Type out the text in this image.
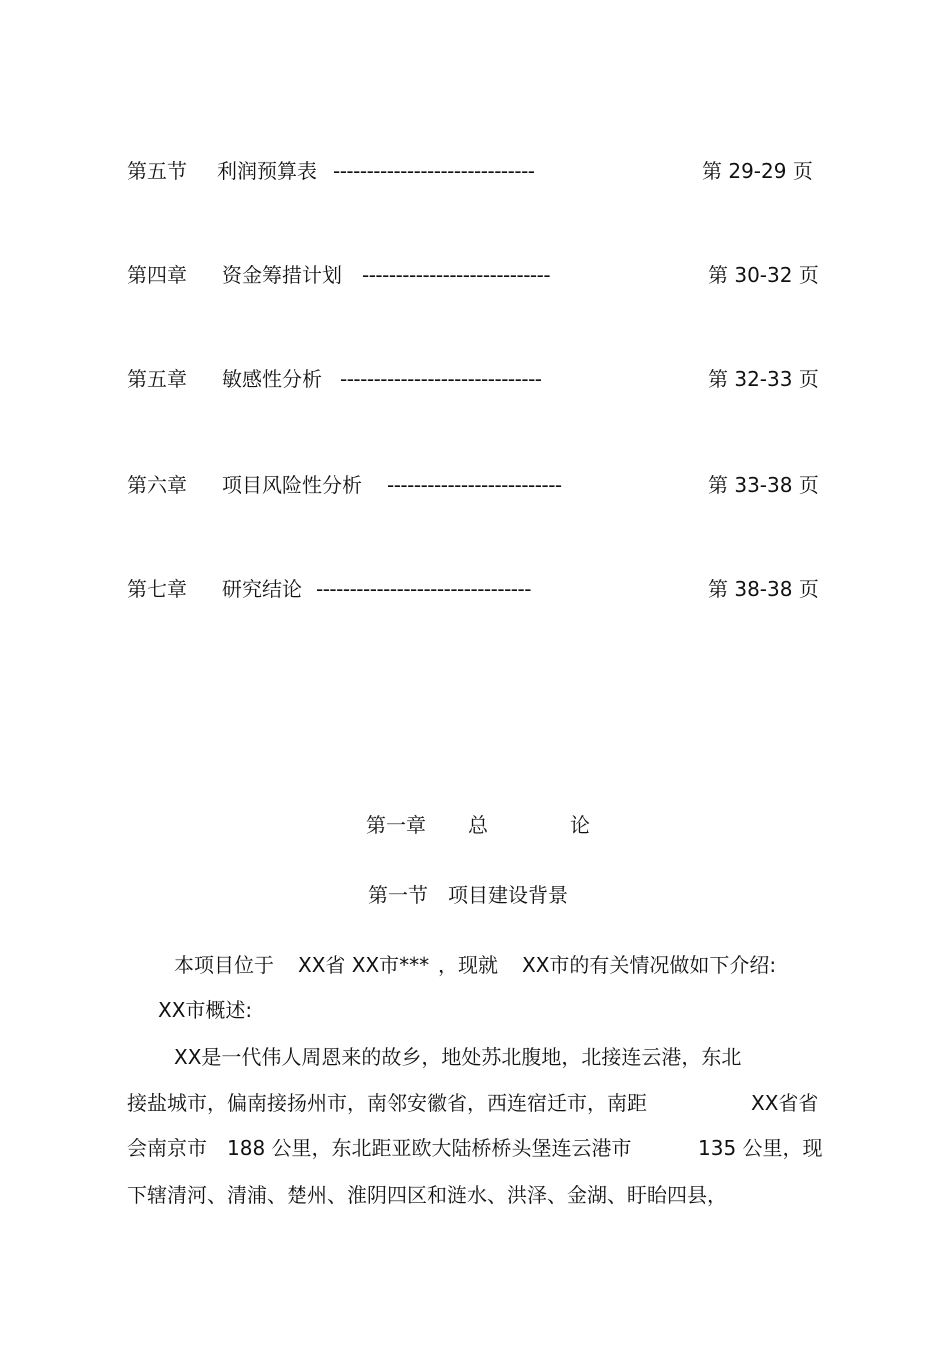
第五节 利润预算表 ------------------------------	第 29-29 页
第四章 资金筹措计划 ----------------------------	第 30-32 页
第五章 敏感性分析 ------------------------------	第 32-33 页
第六章 项目风险性分析 --------------------------	第 33-38 页
第七章 研究结论 --------------------------------	第 38-38 页
第一章 总	论
第一节　项目建设背景
本项目位于 XX省 XX市*** ，现就 XX市的有关情况做如下介绍:
XX市概述:
XX是一代伟人周恩来的故乡，地处苏北腹地，北接连云港，东北
接盐城市，偏南接扬州市，南邻安徽省，西连宿迁市，南距	XX省省
会南京市 188 公里，东北距亚欧大陆桥桥头堡连云港市	135 公里，现
下辖清河、清浦、楚州、淮阴四区和涟水、洪泽、金湖、盱眙四县，
